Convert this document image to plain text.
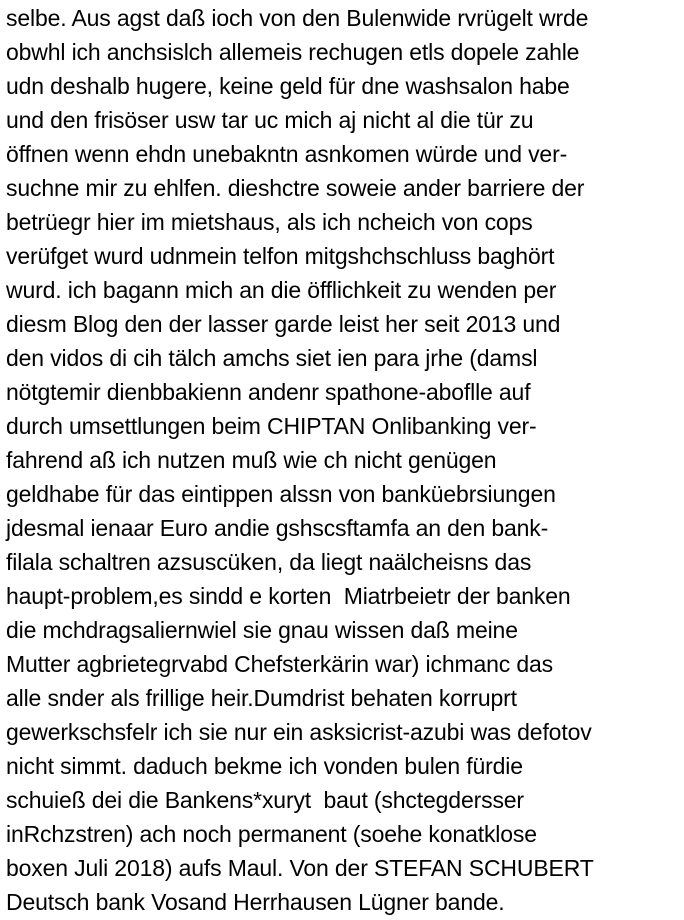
selbe. Aus agst daß ioch von den Bulenwide rvrügelt wrde
obwhl ich anchsislch allemeis rechugen etls dopele zahle
udn deshalb hugere, keine geld für dne washsalon habe
und den frisöser usw tar uc mich aj nicht al die tür zu
öffnen wenn ehdn unebakntn asnkomen würde und ver-
suchne mir zu ehlfen. dieshctre soweie ander barriere der
betrüegr hier im mietshaus, als ich ncheich von cops
verüfget wurd udnmein telfon mitgshchschluss baghört
wurd. ich bagann mich an die öfflichkeit zu wenden per
diesm Blog den der lasser garde leist her seit 2013 und
den vidos di cih tälch amchs siet ien para jrhe (damsl
nötgtemir dienbbakienn andenr spathone-aboflle auf
durch umsettlungen beim CHIPTAN Onlibanking ver-
fahrend aß ich nutzen muß wie ch nicht genügen
geldhabe für das eintippen alssn von banküebrsiungen
jdesmal ienaar Euro andie gshscsftamfa an den bank-
filala schaltren azsuscüken, da liegt naälcheisns das
haupt-problem,es sindd e korten  Miatrbeietr der banken
die mchdragsaliernwiel sie gnau wissen daß meine
Mutter agbrietegrvabd Chefsterkärin war) ichmanc das
alle snder als frillige heir.Dumdrist behaten korruprt
gewerkschsfelr ich sie nur ein asksicrist-azubi was defotov
nicht simmt. daduch bekme ich vonden bulen fürdie
schuieß dei die Bankens*xuryt  baut (shctegdersser
inRchzstren) ach noch permanent (soehe konatklose
boxen Juli 2018) aufs Maul. Von der STEFAN SCHUBERT
Deutsch bank Vosand Herrhausen Lügner bande.
